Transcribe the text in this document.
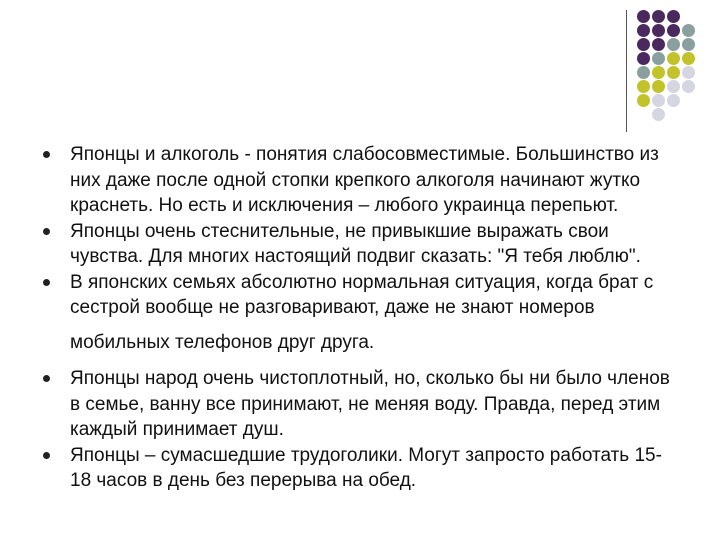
Японцы и алкоголь - понятия слабосовместимые. Большинство из них даже после одной стопки крепкого алкоголя начинают жутко краснеть. Но есть и исключения – любого украинца перепьют.
Японцы очень стеснительные, не привыкшие выражать свои чувства. Для многих настоящий подвиг сказать: "Я тебя люблю".
В японских семьях абсолютно нормальная ситуация, когда брат с сестрой вообще не разговаривают, даже не знают номеров
мобильных телефонов друг друга.
Японцы народ очень чистоплотный, но, сколько бы ни было членов в семье, ванну все принимают, не меняя воду. Правда, перед этим каждый принимает душ.
Японцы – сумасшедшие трудоголики. Могут запросто работать 15-18 часов в день без перерыва на обед.
